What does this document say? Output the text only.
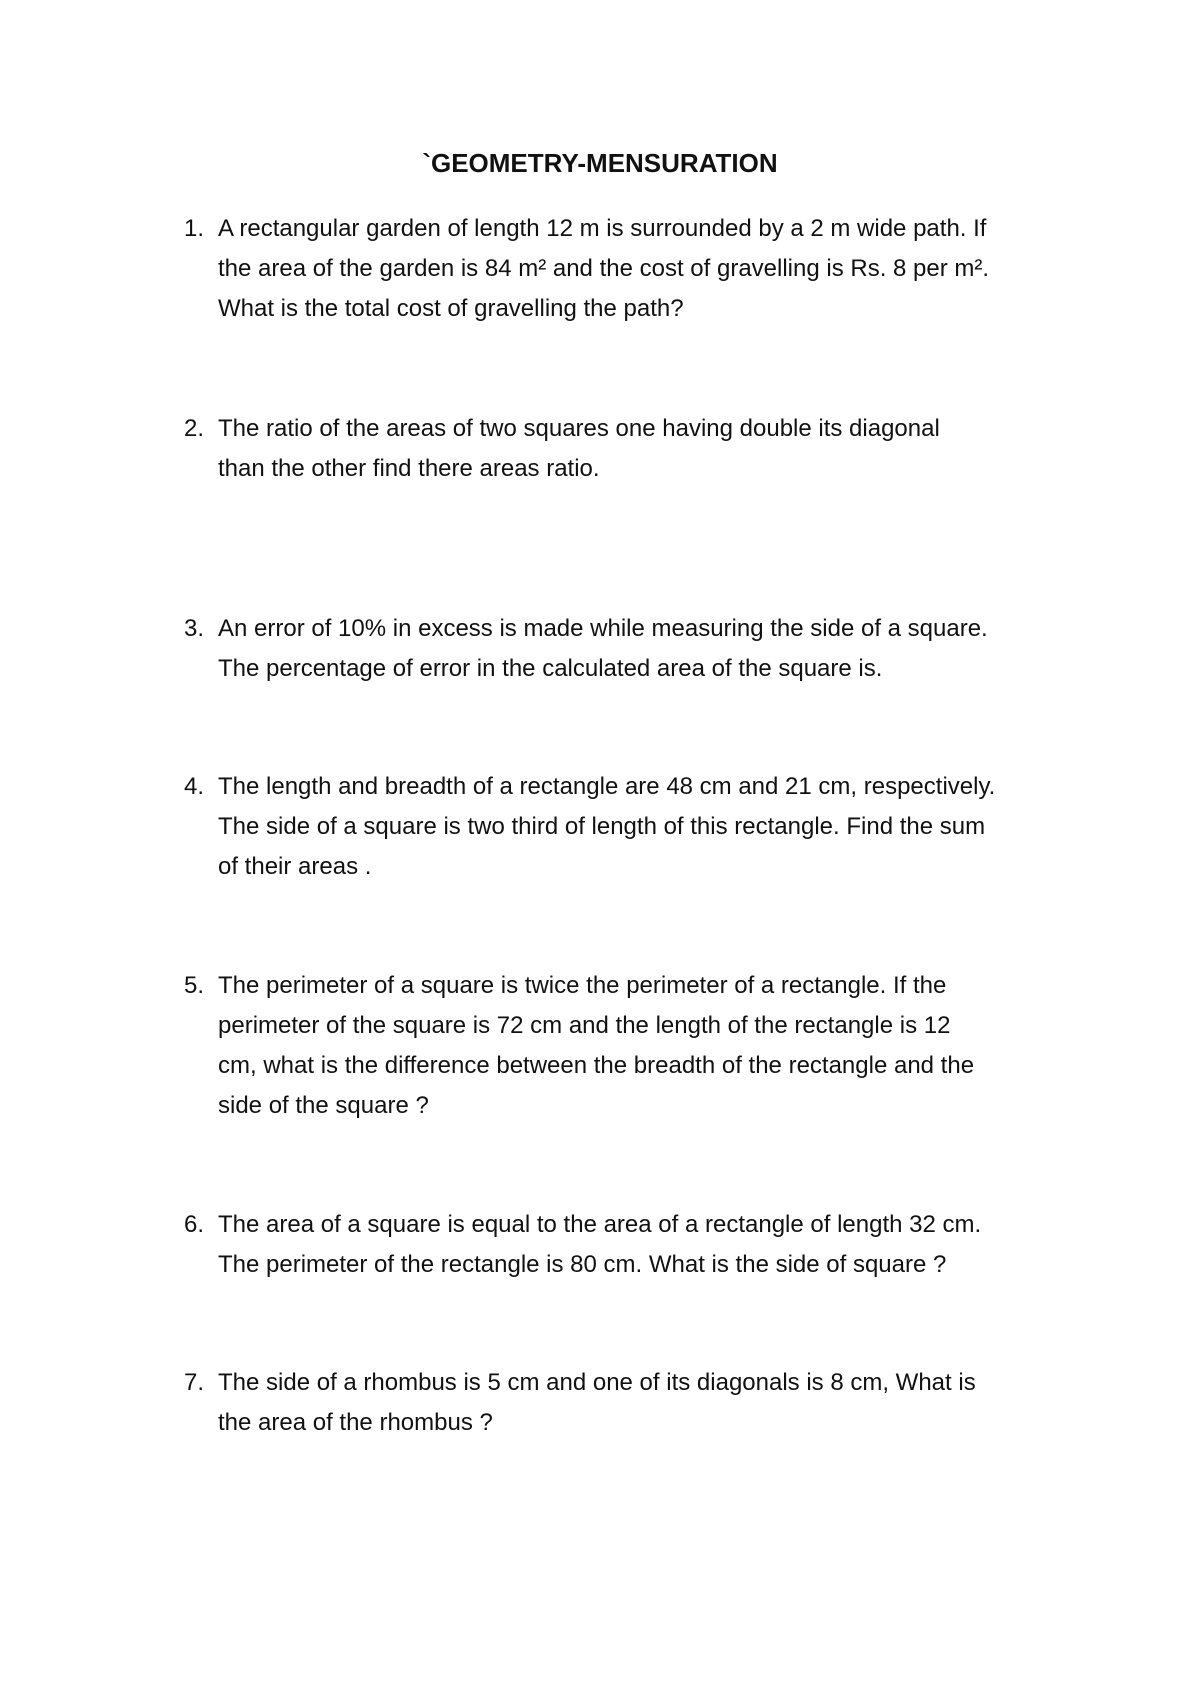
`GEOMETRY-MENSURATION
1. A rectangular garden of length 12 m is surrounded by a 2 m wide path. If
the area of the garden is 84 m² and the cost of gravelling is Rs. 8 per m².
What is the total cost of gravelling the path?
2. The ratio of the areas of two squares one having double its diagonal
than the other find there areas ratio.
3. An error of 10% in excess is made while measuring the side of a square.
The percentage of error in the calculated area of the square is.
4. The length and breadth of a rectangle are 48 cm and 21 cm, respectively.
The side of a square is two third of length of this rectangle. Find the sum
of their areas .
5. The perimeter of a square is twice the perimeter of a rectangle. If the
perimeter of the square is 72 cm and the length of the rectangle is 12
cm, what is the difference between the breadth of the rectangle and the
side of the square ?
6. The area of a square is equal to the area of a rectangle of length 32 cm.
The perimeter of the rectangle is 80 cm. What is the side of square ?
7. The side of a rhombus is 5 cm and one of its diagonals is 8 cm, What is
the area of the rhombus ?
